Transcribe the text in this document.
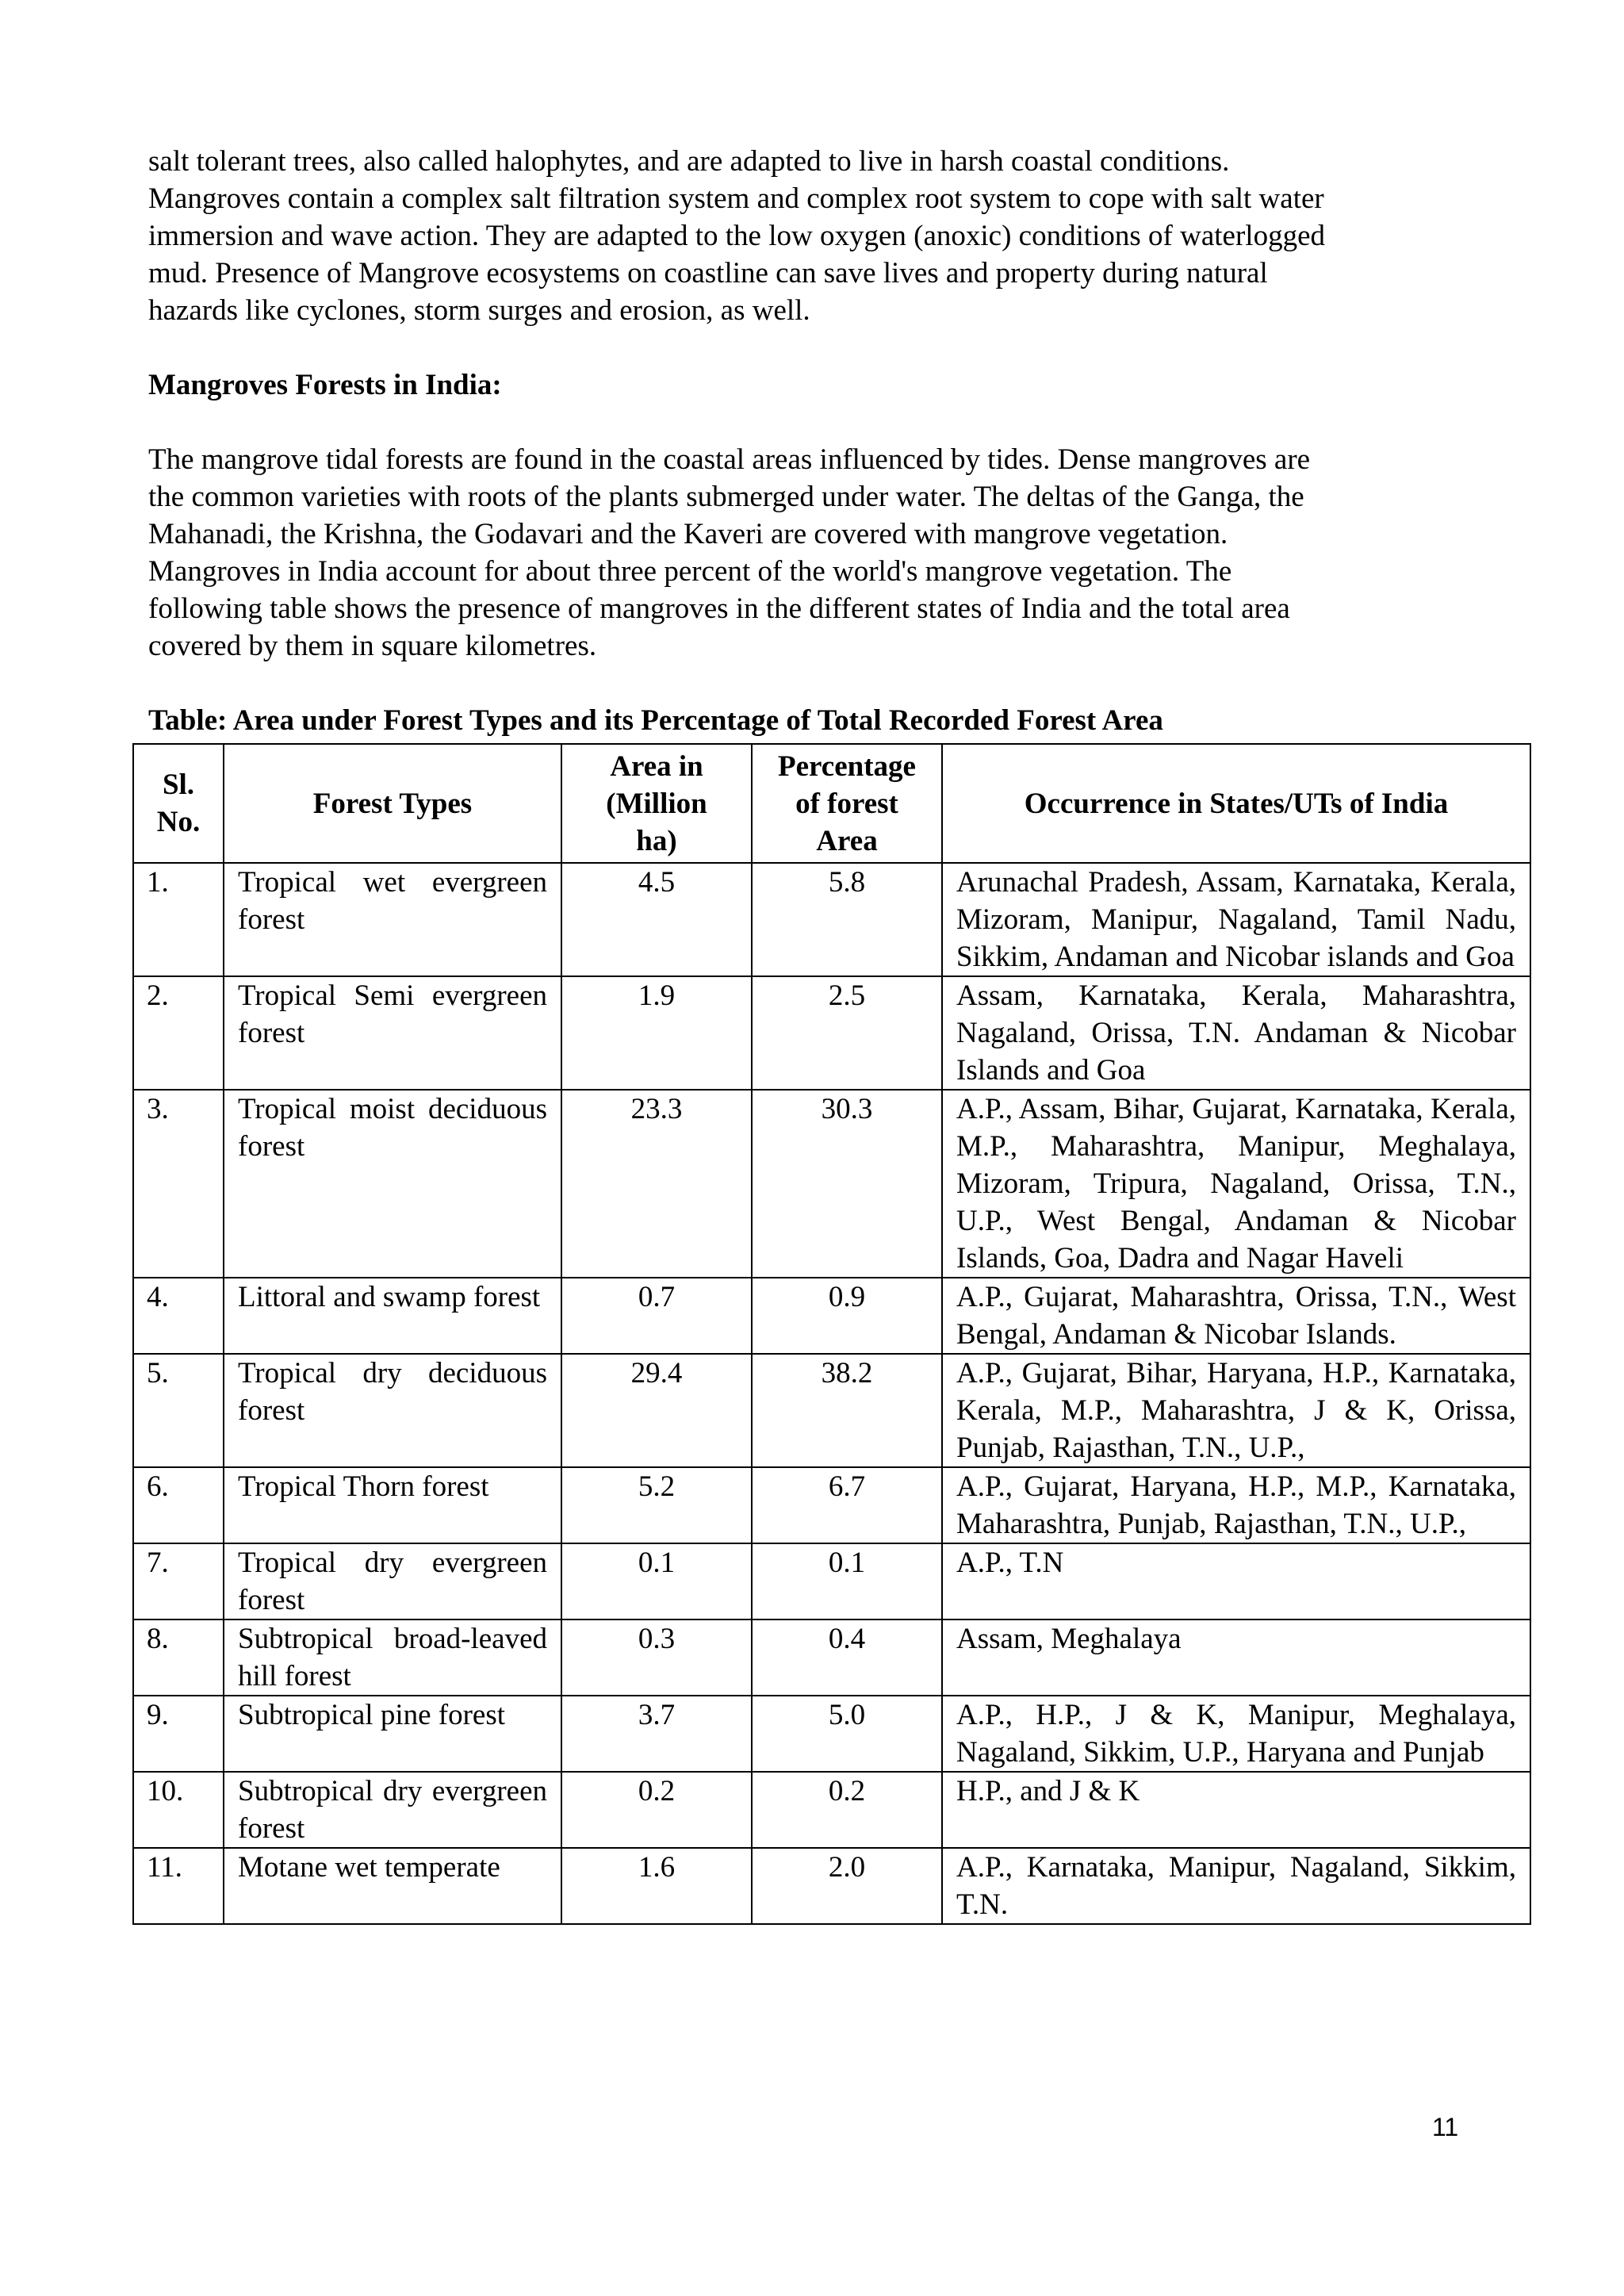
salt tolerant trees, also called halophytes, and are adapted to live in harsh coastal conditions.

Mangroves contain a complex salt filtration system and complex root system to cope with salt water

immersion and wave action. They are adapted to the low oxygen (anoxic) conditions of waterlogged

mud. Presence of Mangrove ecosystems on coastline can save lives and property during natural

hazards like cyclones, storm surges and erosion, as well.

Mangroves Forests in India:

The mangrove tidal forests are found in the coastal areas influenced by tides. Dense mangroves are

the common varieties with roots of the plants submerged under water. The deltas of the Ganga, the

Mahanadi, the Krishna, the Godavari and the Kaveri are covered with mangrove vegetation.

Mangroves in India account for about three percent of the world's mangrove vegetation. The

following table shows the presence of mangroves in the different states of India and the total area

covered by them in square kilometres.

Table: Area under Forest Types and its Percentage of Total Recorded Forest Area
Sl. No.	Forest Types	Area in (Million ha)	Percentage of forest Area	Occurrence in States/UTs of India
1.	Tropical wet evergreen forest	4.5	5.8	Arunachal Pradesh, Assam, Karnataka, Kerala, Mizoram, Manipur, Nagaland, Tamil Nadu, Sikkim, Andaman and Nicobar islands and Goa
2.	Tropical Semi evergreen forest	1.9	2.5	Assam, Karnataka, Kerala, Maharashtra, Nagaland, Orissa, T.N. Andaman & Nicobar Islands and Goa
3.	Tropical moist deciduous forest	23.3	30.3	A.P., Assam, Bihar, Gujarat, Karnataka, Kerala, M.P., Maharashtra, Manipur, Meghalaya, Mizoram, Tripura, Nagaland, Orissa, T.N., U.P., West Bengal, Andaman & Nicobar Islands, Goa, Dadra and Nagar Haveli
4.	Littoral and swamp forest	0.7	0.9	A.P., Gujarat, Maharashtra, Orissa, T.N., West Bengal, Andaman & Nicobar Islands.
5.	Tropical dry deciduous forest	29.4	38.2	A.P., Gujarat, Bihar, Haryana, H.P., Karnataka, Kerala, M.P., Maharashtra, J & K, Orissa, Punjab, Rajasthan, T.N., U.P.,
6.	Tropical Thorn forest	5.2	6.7	A.P., Gujarat, Haryana, H.P., M.P., Karnataka, Maharashtra, Punjab, Rajasthan, T.N., U.P.,
7.	Tropical dry evergreen forest	0.1	0.1	A.P., T.N
8.	Subtropical broad-leaved hill forest	0.3	0.4	Assam, Meghalaya
9.	Subtropical pine forest	3.7	5.0	A.P., H.P., J & K, Manipur, Meghalaya, Nagaland, Sikkim, U.P., Haryana and Punjab
10.	Subtropical dry evergreen forest	0.2	0.2	H.P., and J & K
11.	Motane wet temperate	1.6	2.0	A.P., Karnataka, Manipur, Nagaland, Sikkim, T.N.
11
